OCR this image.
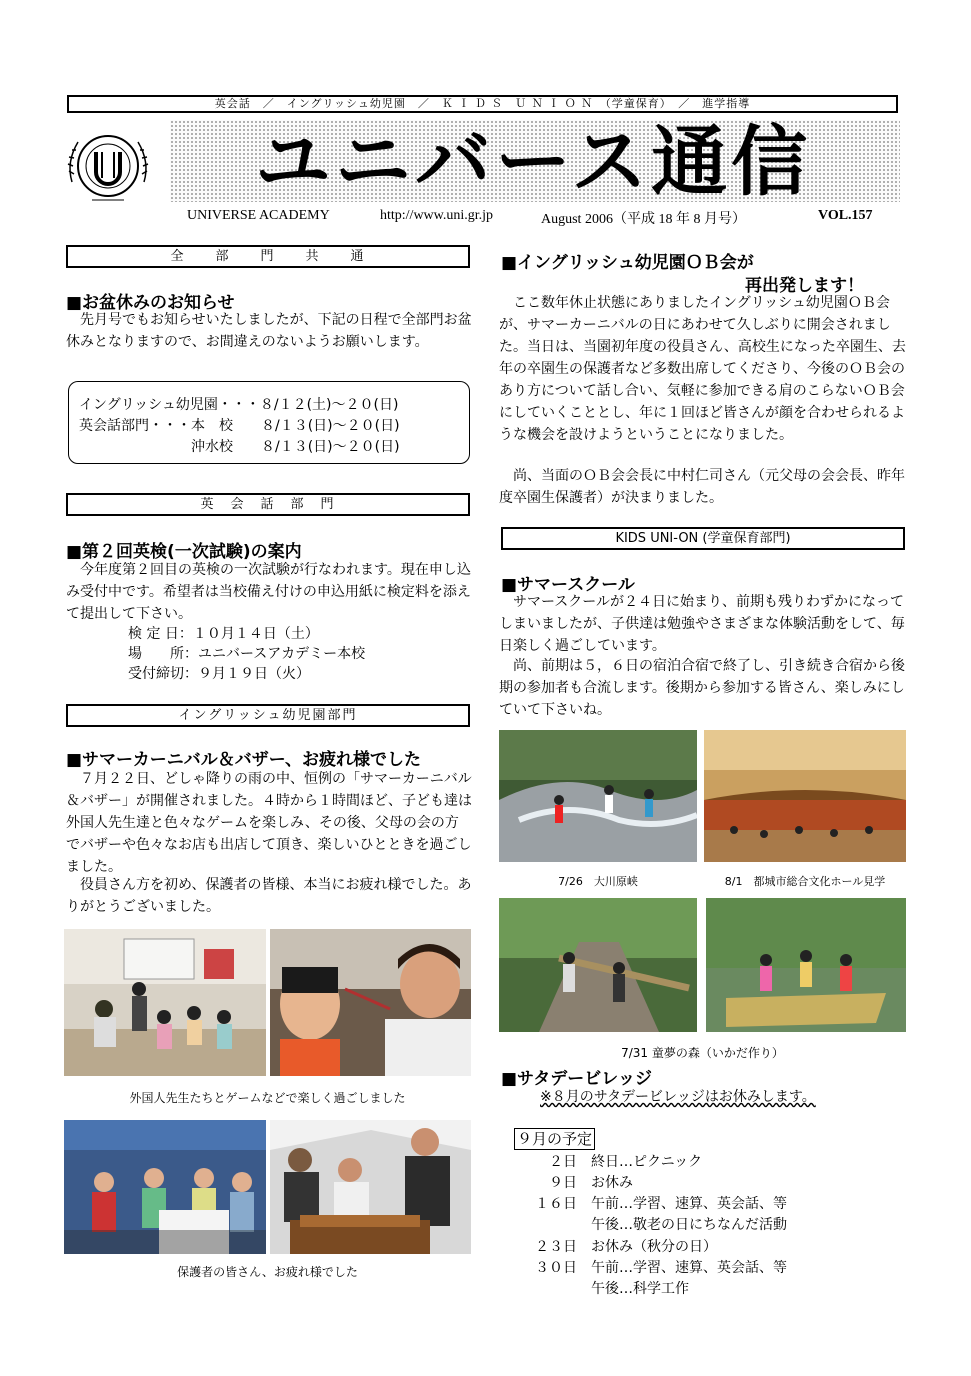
英会話　／　イングリッシュ幼児園　／　Ｋ Ｉ Ｄ Ｓ　Ｕ Ｎ Ｉ Ｏ Ｎ　（学童保育）　／　進学指導
ユニバース通信
UNIVERSE ACADEMY	http://www.uni.gr.jp	August 2006（平成 18 年 8 月号）	VOL.157
全　　部　　門　　共　　通
■お盆休みのお知らせ
先月号でもお知らせいたしましたが、下記の日程で全部門お盆休みとなりますので、お間違えのないようお願いします。
イングリッシュ幼児園・・・８/１２(土)～２０(日)
英会話部門・・・本　校　　８/１３(日)～２０(日)
　　　　　　　　沖水校　　８/１３(日)～２０(日)
英　会　話　部　門
■第２回英検(一次試験)の案内
今年度第２回目の英検の一次試験が行なわれます。現在申し込み受付中です。希望者は当校備え付けの申込用紙に検定料を添えて提出して下さい。
検 定 日：１０月１４日（土）
場　　所：ユニバースアカデミー本校
受付締切：９月１９日（火）
イングリッシュ幼児園部門
■サマーカーニバル＆バザー、お疲れ様でした
７月２２日、どしゃ降りの雨の中、恒例の「サマーカーニバル＆バザー」が開催されました。４時から１時間ほど、子ども達は外国人先生達と色々なゲームを楽しみ、その後、父母の会の方でバザーや色々なお店も出店して頂き、楽しいひとときを過ごしました。
役員さん方を初め、保護者の皆様、本当にお疲れ様でした。ありがとうございました。
外国人先生たちとゲームなどで楽しく過ごしました
保護者の皆さん、お疲れ様でした
■イングリッシュ幼児園ＯＢ会が
再出発します！
ここ数年休止状態にありましたイングリッシュ幼児園ＯＢ会が、サマーカーニバルの日にあわせて久しぶりに開会されました。当日は、当園初年度の役員さん、高校生になった卒園生、去年の卒園生の保護者など多数出席してくださり、今後のＯＢ会のあり方について話し合い、気軽に参加できる肩のこらないＯＢ会にしていくこととし、年に１回ほど皆さんが顔を合わせられるような機会を設けようということになりました。
尚、当面のＯＢ会会長に中村仁司さん（元父母の会会長、昨年度卒園生保護者）が決まりました。
KIDS UNI-ON (学童保育部門)
■サマースクール
サマースクールが２４日に始まり、前期も残りわずかになってしまいましたが、子供達は勉強やさまざまな体験活動をして、毎日楽しく過ごしています。
尚、前期は５，６日の宿泊合宿で終了し、引き続き合宿から後期の参加者も合流します。後期から参加する皆さん、楽しみにしていて下さいね。
7/26　大川原峡	8/1　都城市総合文化ホール見学
7/31 童夢の森（いかだ作り）
■サタデービレッジ
※８月のサタデービレッジはお休みします。
９月の予定
２日　 終日…ピクニック
９日　 お休み
１６日　 午前…学習、速算、英会話、等
　午後…敬老の日にちなんだ活動
２３日　 お休み（秋分の日）
３０日　 午前…学習、速算、英会話、等
　午後…科学工作
